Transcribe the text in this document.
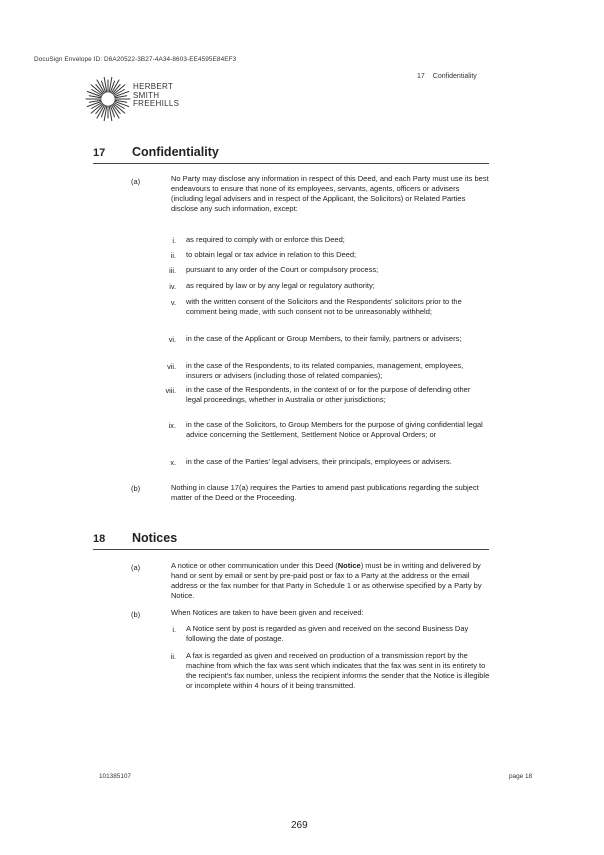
DocuSign Envelope ID: D6A20522-3B27-4A34-8603-EE4595E84EF3
HERBERT
SMITH
FREEHILLS
17 Confidentiality
17 Confidentiality
(a)	No Party may disclose any information in respect of this Deed, and each Party must use its best endeavours to ensure that none of its employees, servants, agents, officers or advisers (including legal advisers and in respect of the Applicant, the Solicitors) or Related Parties disclose any such information, except:
i. as required to comply with or enforce this Deed;
ii. to obtain legal or tax advice in relation to this Deed;
iii. pursuant to any order of the Court or compulsory process;
iv. as required by law or by any legal or regulatory authority;
v. with the written consent of the Solicitors and the Respondents' solicitors prior to the comment being made, with such consent not to be unreasonably withheld;
vi. in the case of the Applicant or Group Members, to their family, partners or advisers;
vii. in the case of the Respondents, to its related companies, management, employees, insurers or advisers (including those of related companies);
viii. in the case of the Respondents, in the context of or for the purpose of defending other legal proceedings, whether in Australia or other jurisdictions;
ix. in the case of the Solicitors, to Group Members for the purpose of giving confidential legal advice concerning the Settlement, Settlement Notice or Approval Orders; or
x. in the case of the Parties' legal advisers, their principals, employees or advisers.
(b)	Nothing in clause 17(a) requires the Parties to amend past publications regarding the subject matter of the Deed or the Proceeding.
18 Notices
(a)	A notice or other communication under this Deed (Notice) must be in writing and delivered by hand or sent by email or sent by pre-paid post or fax to a Party at the address or the email address or the fax number for that Party in Schedule 1 or as otherwise specified by a Party by Notice.
(b)	When Notices are taken to have been given and received:
i. A Notice sent by post is regarded as given and received on the second Business Day following the date of postage.
ii. A fax is regarded as given and received on production of a transmission report by the machine from which the fax was sent which indicates that the fax was sent in its entirety to the recipient's fax number, unless the recipient informs the sender that the Notice is illegible or incomplete within 4 hours of it being transmitted.
101385107	page 18
269
